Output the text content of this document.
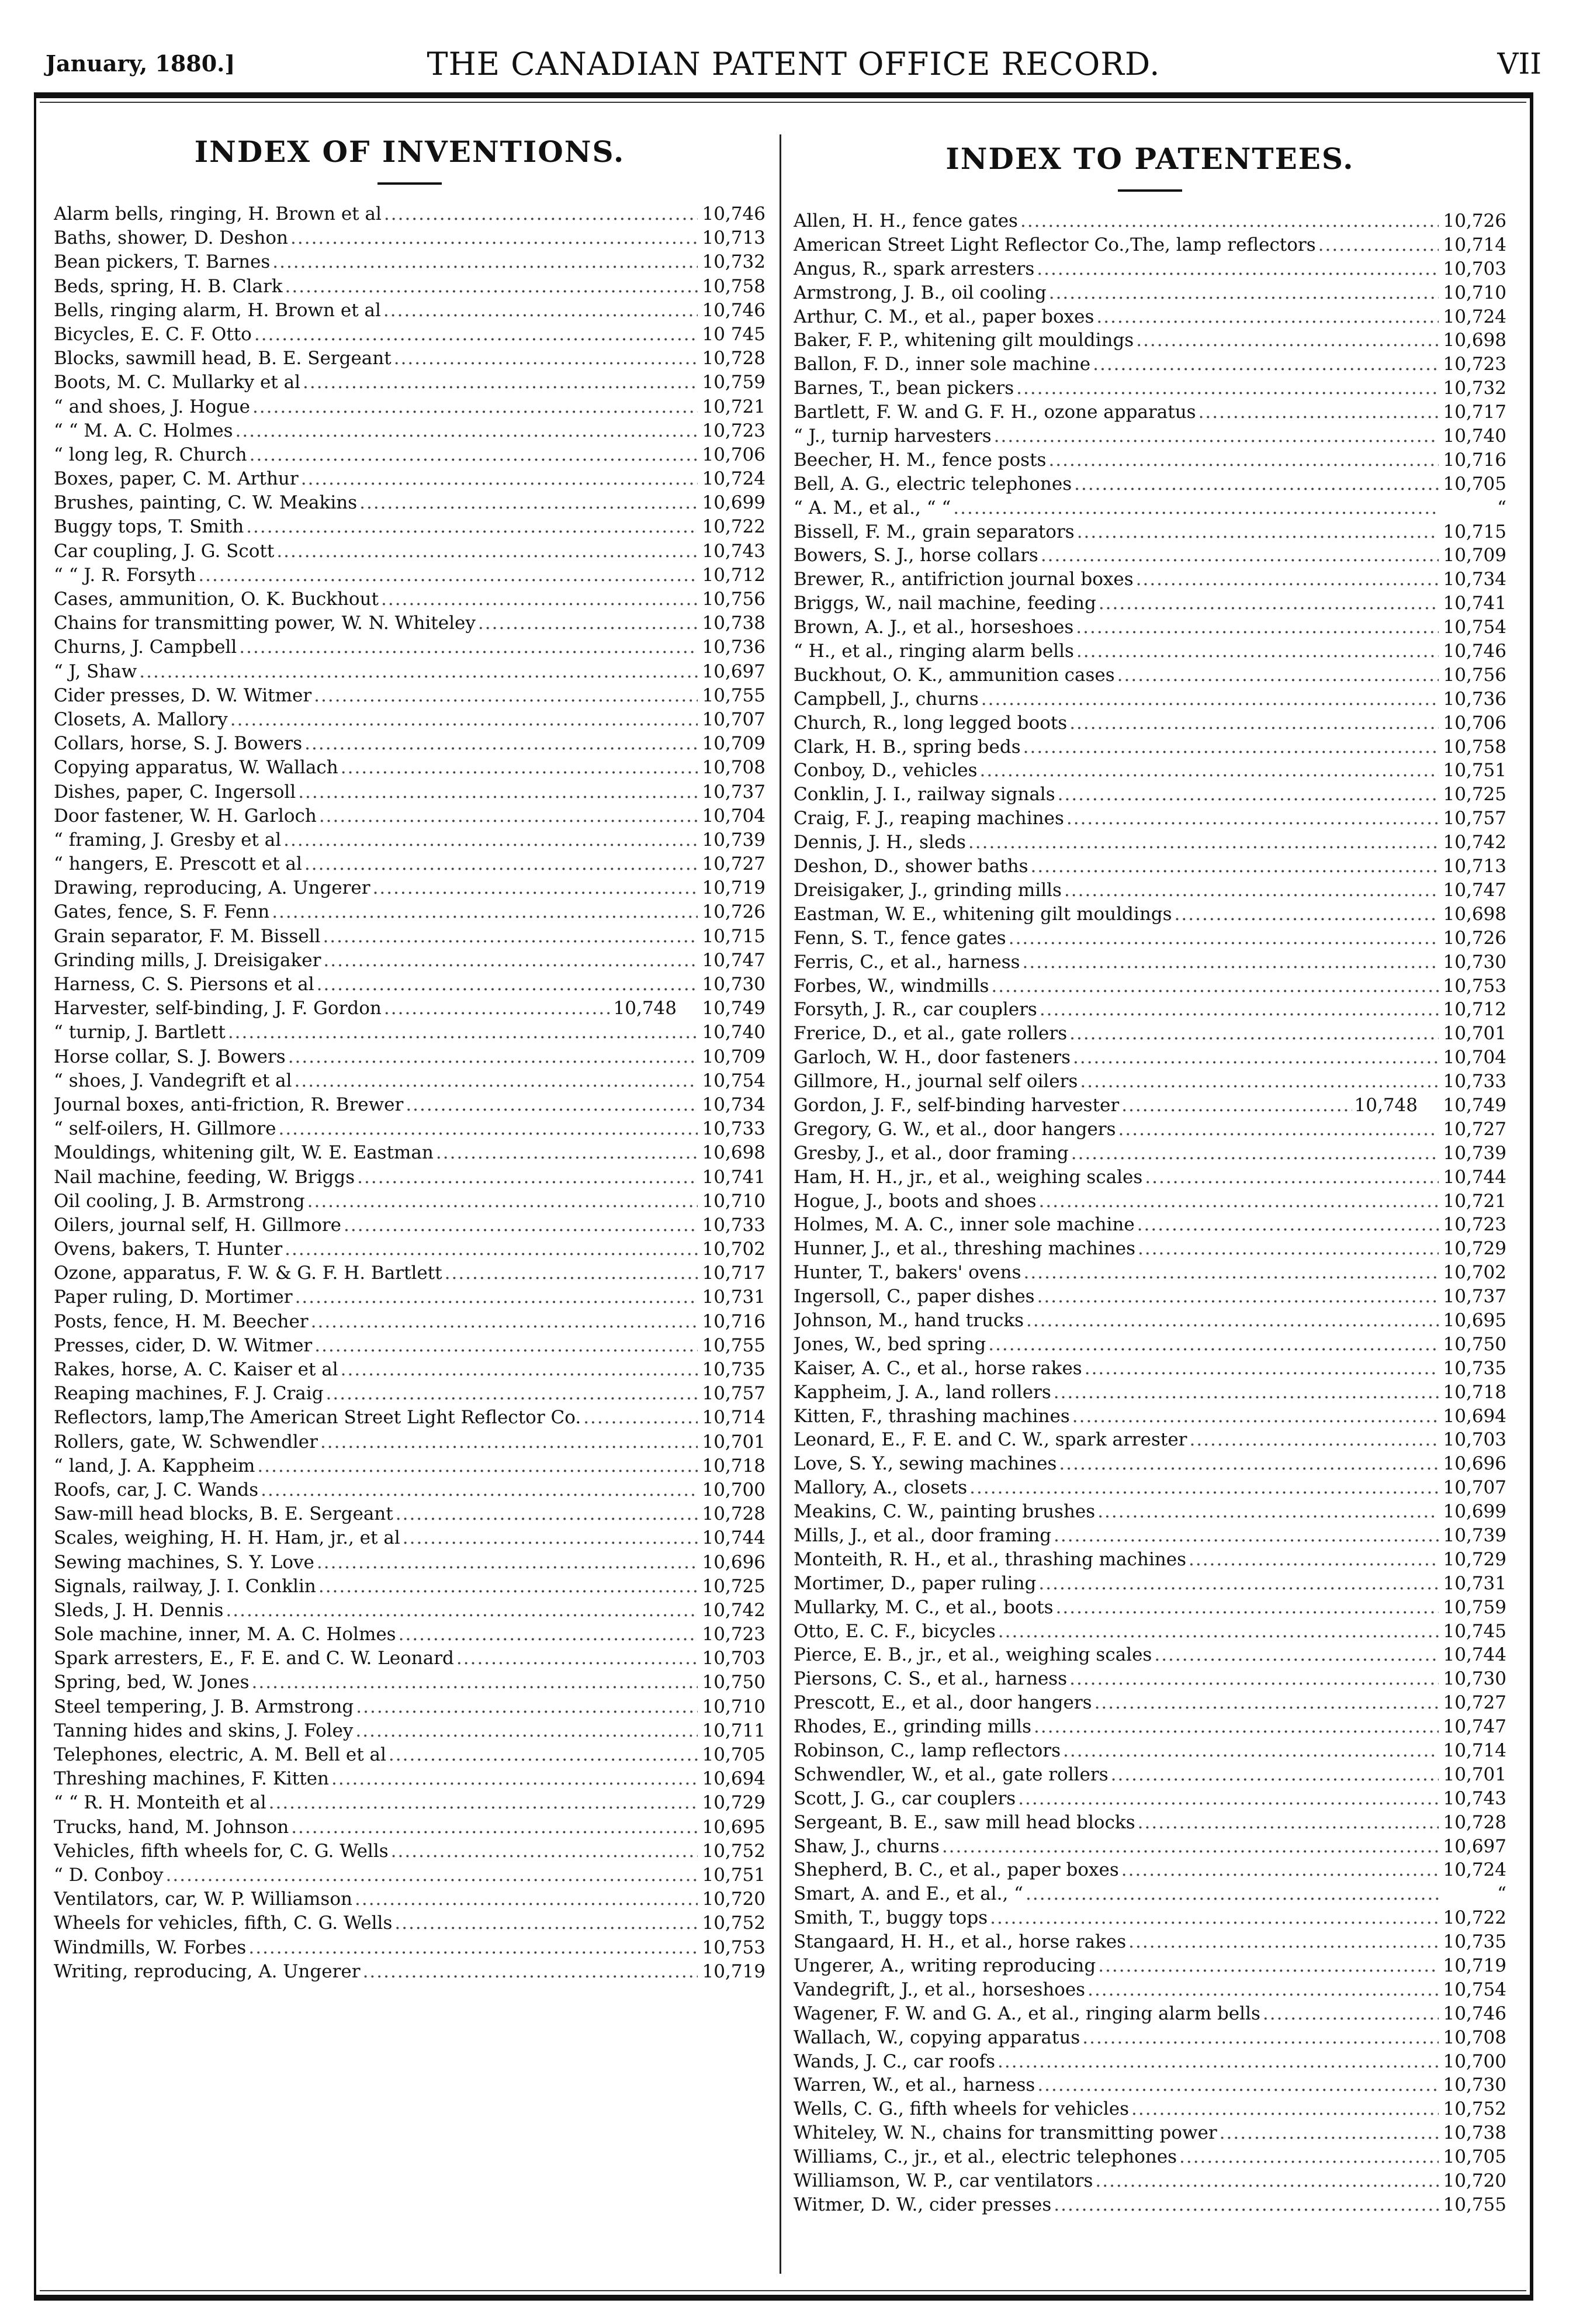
January, 1880.]	THE CANADIAN PATENT OFFICE RECORD.	VII
INDEX OF INVENTIONS.
Alarm bells, ringing, H. Brown et al .....	10,746
Baths, shower, D. Deshon .....	10,713
Bean pickers, T. Barnes .....	10,732
Beds, spring, H. B. Clark .....	10,758
Bells, ringing alarm, H. Brown et al .....	10,746
Bicycles, E. C. F. Otto .....	10 745
Blocks, sawmill head, B. E. Sergeant .....	10,728
Boots, M. C. Mullarky et al .....	10,759
“ and shoes, J. Hogue .....	10,721
“ “ M. A. C. Holmes .....	10,723
“ long leg, R. Church .....	10,706
Boxes, paper, C. M. Arthur .....	10,724
Brushes, painting, C. W. Meakins .....	10,699
Buggy tops, T. Smith .....	10,722
Car coupling, J. G. Scott .....	10,743
“ “ J. R. Forsyth .....	10,712
Cases, ammunition, O. K. Buckhout .....	10,756
Chains for transmitting power, W. N. Whiteley .....	10,738
Churns, J. Campbell .....	10,736
“ J, Shaw .....	10,697
Cider presses, D. W. Witmer .....	10,755
Closets, A. Mallory .....	10,707
Collars, horse, S. J. Bowers .....	10,709
Copying apparatus, W. Wallach .....	10,708
Dishes, paper, C. Ingersoll .....	10,737
Door fastener, W. H. Garloch .....	10,704
“ framing, J. Gresby et al .....	10,739
“ hangers, E. Prescott et al .....	10,727
Drawing, reproducing, A. Ungerer .....	10,719
Gates, fence, S. F. Fenn .....	10,726
Grain separator, F. M. Bissell .....	10,715
Grinding mills, J. Dreisigaker .....	10,747
Harness, C. S. Piersons et al .....	10,730
Harvester, self-binding, J. F. Gordon .....	10,748 10,749
“ turnip, J. Bartlett .....	10,740
Horse collar, S. J. Bowers .....	10,709
“ shoes, J. Vandegrift et al .....	10,754
Journal boxes, anti-friction, R. Brewer .....	10,734
“ self-oilers, H. Gillmore .....	10,733
Mouldings, whitening gilt, W. E. Eastman .....	10,698
Nail machine, feeding, W. Briggs .....	10,741
Oil cooling, J. B. Armstrong .....	10,710
Oilers, journal self, H. Gillmore .....	10,733
Ovens, bakers, T. Hunter .....	10,702
Ozone, apparatus, F. W. & G. F. H. Bartlett .....	10,717
Paper ruling, D. Mortimer .....	10,731
Posts, fence, H. M. Beecher .....	10,716
Presses, cider, D. W. Witmer .....	10,755
Rakes, horse, A. C. Kaiser et al .....	10,735
Reaping machines, F. J. Craig .....	10,757
Reflectors, lamp,The American Street Light Reflector Co. .....	10,714
Rollers, gate, W. Schwendler .....	10,701
“ land, J. A. Kappheim .....	10,718
Roofs, car, J. C. Wands .....	10,700
Saw-mill head blocks, B. E. Sergeant .....	10,728
Scales, weighing, H. H. Ham, jr., et al .....	10,744
Sewing machines, S. Y. Love .....	10,696
Signals, railway, J. I. Conklin .....	10,725
Sleds, J. H. Dennis .....	10,742
Sole machine, inner, M. A. C. Holmes .....	10,723
Spark arresters, E., F. E. and C. W. Leonard .....	10,703
Spring, bed, W. Jones .....	10,750
Steel tempering, J. B. Armstrong .....	10,710
Tanning hides and skins, J. Foley .....	10,711
Telephones, electric, A. M. Bell et al .....	10,705
Threshing machines, F. Kitten .....	10,694
“ “ R. H. Monteith et al .....	10,729
Trucks, hand, M. Johnson .....	10,695
Vehicles, fifth wheels for, C. G. Wells .....	10,752
“ D. Conboy .....	10,751
Ventilators, car, W. P. Williamson .....	10,720
Wheels for vehicles, fifth, C. G. Wells .....	10,752
Windmills, W. Forbes .....	10,753
Writing, reproducing, A. Ungerer .....	10,719
INDEX TO PATENTEES.
Allen, H. H., fence gates .....	10,726
American Street Light Reflector Co.,The, lamp reflectors .....	10,714
Angus, R., spark arresters .....	10,703
Armstrong, J. B., oil cooling .....	10,710
Arthur, C. M., et al., paper boxes .....	10,724
Baker, F. P., whitening gilt mouldings .....	10,698
Ballon, F. D., inner sole machine .....	10,723
Barnes, T., bean pickers .....	10,732
Bartlett, F. W. and G. F. H., ozone apparatus .....	10,717
“ J., turnip harvesters .....	10,740
Beecher, H. M., fence posts .....	10,716
Bell, A. G., electric telephones .....	10,705
“ A. M., et al., “ “ .....	“
Bissell, F. M., grain separators .....	10,715
Bowers, S. J., horse collars .....	10,709
Brewer, R., antifriction journal boxes .....	10,734
Briggs, W., nail machine, feeding .....	10,741
Brown, A. J., et al., horseshoes .....	10,754
“ H., et al., ringing alarm bells .....	10,746
Buckhout, O. K., ammunition cases .....	10,756
Campbell, J., churns .....	10,736
Church, R., long legged boots .....	10,706
Clark, H. B., spring beds .....	10,758
Conboy, D., vehicles .....	10,751
Conklin, J. I., railway signals .....	10,725
Craig, F. J., reaping machines .....	10,757
Dennis, J. H., sleds .....	10,742
Deshon, D., shower baths .....	10,713
Dreisigaker, J., grinding mills .....	10,747
Eastman, W. E., whitening gilt mouldings .....	10,698
Fenn, S. T., fence gates .....	10,726
Ferris, C., et al., harness .....	10,730
Forbes, W., windmills .....	10,753
Forsyth, J. R., car couplers .....	10,712
Frerice, D., et al., gate rollers .....	10,701
Garloch, W. H., door fasteners .....	10,704
Gillmore, H., journal self oilers .....	10,733
Gordon, J. F., self-binding harvester .....	10,748 10,749
Gregory, G. W., et al., door hangers .....	10,727
Gresby, J., et al., door framing .....	10,739
Ham, H. H., jr., et al., weighing scales .....	10,744
Hogue, J., boots and shoes .....	10,721
Holmes, M. A. C., inner sole machine .....	10,723
Hunner, J., et al., threshing machines .....	10,729
Hunter, T., bakers' ovens .....	10,702
Ingersoll, C., paper dishes .....	10,737
Johnson, M., hand trucks .....	10,695
Jones, W., bed spring .....	10,750
Kaiser, A. C., et al., horse rakes .....	10,735
Kappheim, J. A., land rollers .....	10,718
Kitten, F., thrashing machines .....	10,694
Leonard, E., F. E. and C. W., spark arrester .....	10,703
Love, S. Y., sewing machines .....	10,696
Mallory, A., closets .....	10,707
Meakins, C. W., painting brushes .....	10,699
Mills, J., et al., door framing .....	10,739
Monteith, R. H., et al., thrashing machines .....	10,729
Mortimer, D., paper ruling .....	10,731
Mullarky, M. C., et al., boots .....	10,759
Otto, E. C. F., bicycles .....	10,745
Pierce, E. B., jr., et al., weighing scales .....	10,744
Piersons, C. S., et al., harness .....	10,730
Prescott, E., et al., door hangers .....	10,727
Rhodes, E., grinding mills .....	10,747
Robinson, C., lamp reflectors .....	10,714
Schwendler, W., et al., gate rollers .....	10,701
Scott, J. G., car couplers .....	10,743
Sergeant, B. E., saw mill head blocks .....	10,728
Shaw, J., churns .....	10,697
Shepherd, B. C., et al., paper boxes .....	10,724
Smart, A. and E., et al., “ .....	“
Smith, T., buggy tops .....	10,722
Stangaard, H. H., et al., horse rakes .....	10,735
Ungerer, A., writing reproducing .....	10,719
Vandegrift, J., et al., horseshoes .....	10,754
Wagener, F. W. and G. A., et al., ringing alarm bells .....	10,746
Wallach, W., copying apparatus .....	10,708
Wands, J. C., car roofs .....	10,700
Warren, W., et al., harness .....	10,730
Wells, C. G., fifth wheels for vehicles .....	10,752
Whiteley, W. N., chains for transmitting power .....	10,738
Williams, C., jr., et al., electric telephones .....	10,705
Williamson, W. P., car ventilators .....	10,720
Witmer, D. W., cider presses .....	10,755
